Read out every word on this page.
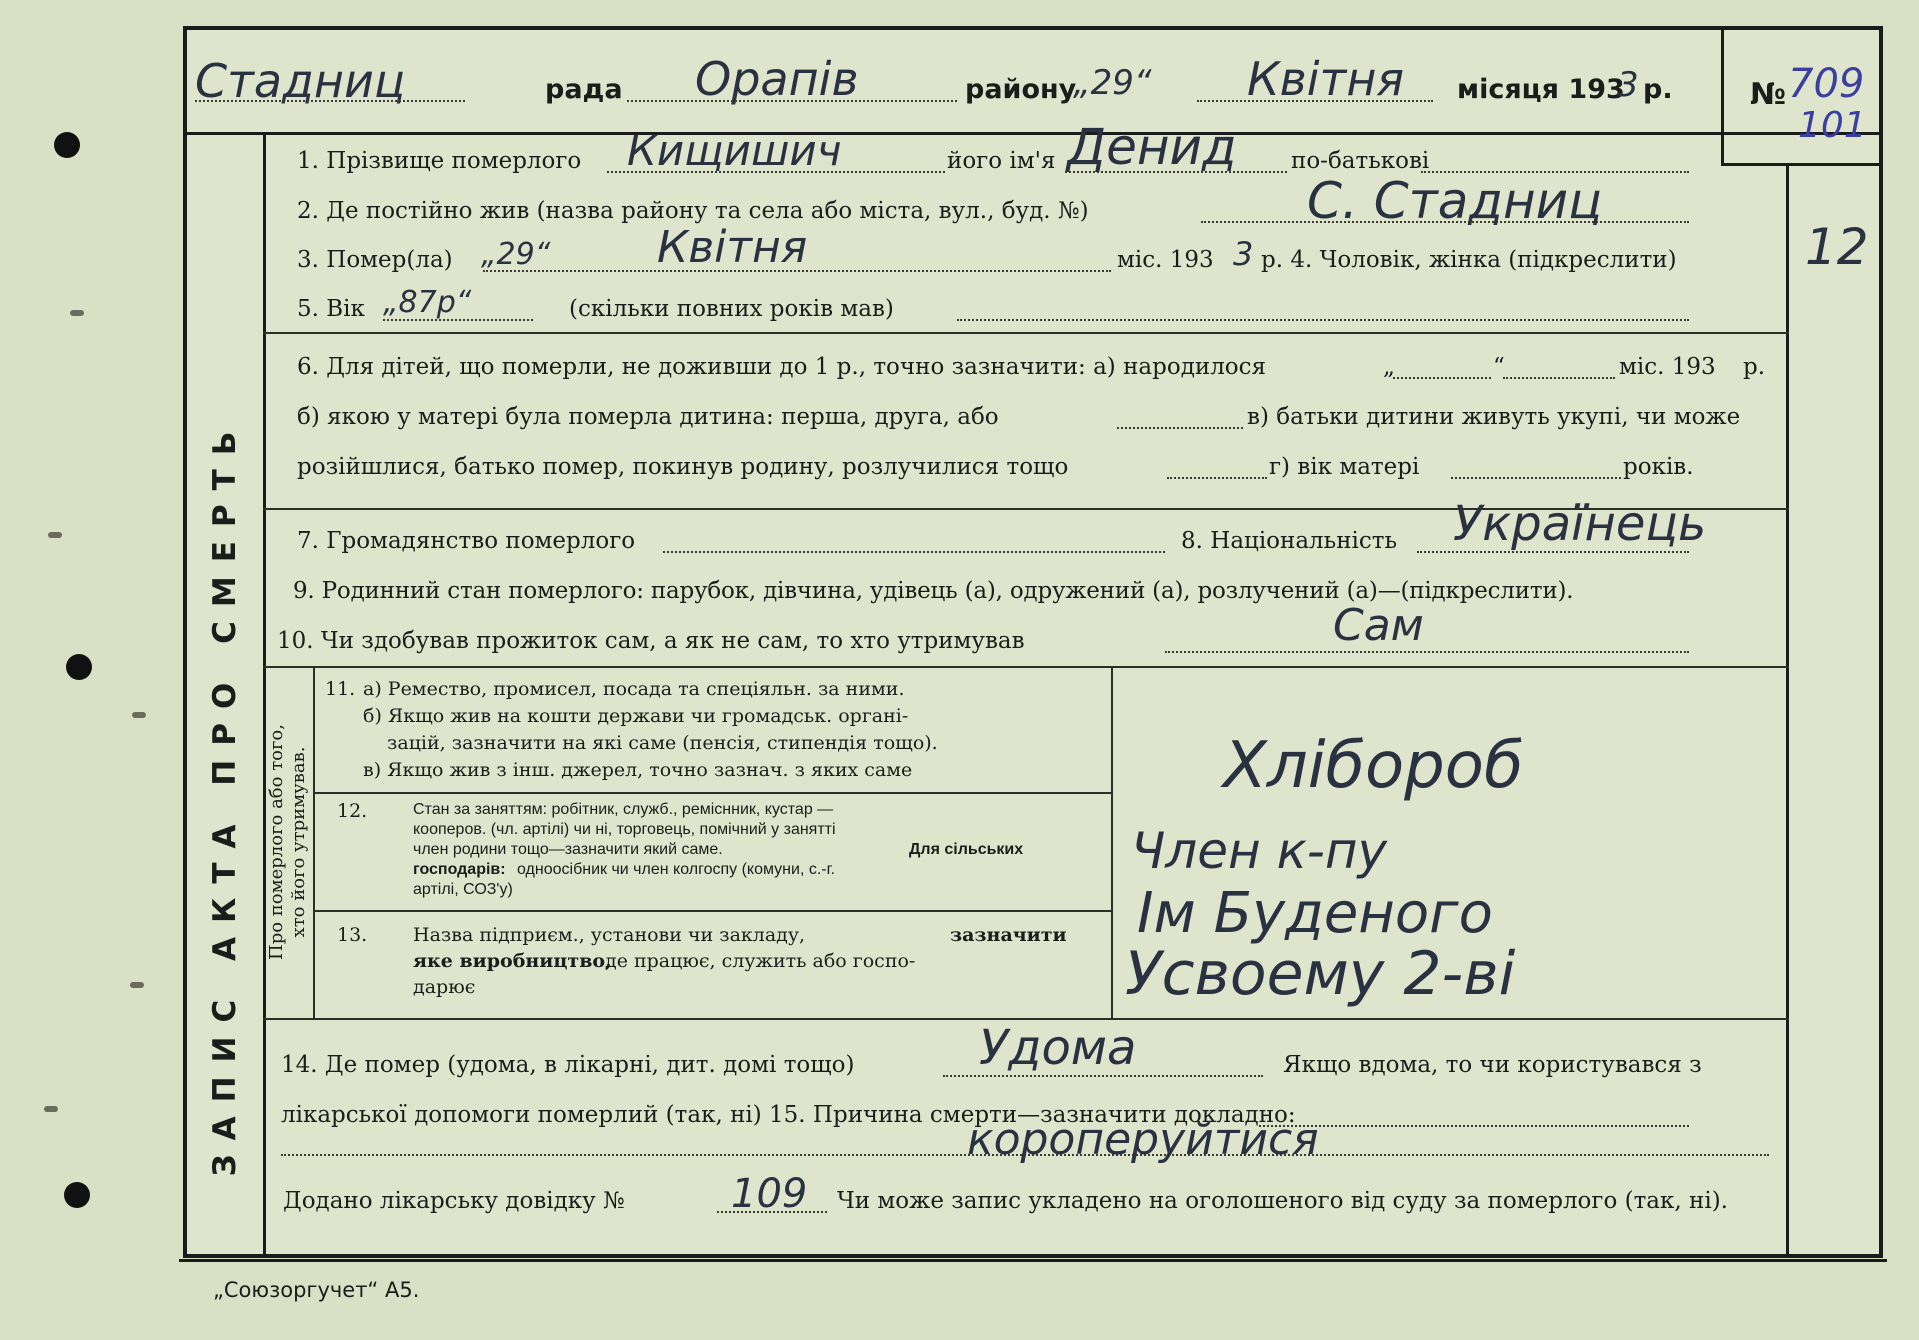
Стадниц	рада Орапів	району
„29“ Квітня місяця 193
3 р.	№ 709
101
ЗАПИС АКТА ПРО СМЕРТЬ
12
1. Прізвище померлого Кищишич	його ім'я Денид по-батькові
2. Де постійно жив (назва району та села або міста, вул., буд. №)	С. Стадниц
3. Помер(ла) „29“ Квітня	міс. 193 3 р. 4. Чоловік, жінка (підкреслити)
5. Вік „87р“	(скільки повних років мав)
6. Для дітей, що померли, не доживши до 1 р., точно зазначити: а) народилося	„	“	міс. 193 р.
б) якою у матері була померла дитина: перша, друга, або	в) батьки дитини живуть укупі, чи може
розійшлися, батько помер, покинув родину, розлучилися тощо	г) вік матері	років.
7. Громадянство померлого	8. Національність Українець
9. Родинний стан померлого: парубок, дівчина, удівець (а), одружений (а), розлучений (а)—(підкреслити).
10. Чи здобував прожиток сам, а як не сам, то хто утримував	Сам
Про померлого або того, хто його утримував.
11. а) Ремество, промисел, посада та спеціяльн. за ними.
б) Якщо жив на кошти держави чи громадськ. органі-
зацій, зазначити на які саме (пенсія, стипендія тощо).
в) Якщо жив з інш. джерел, точно зазнач. з яких саме	Хлібороб
12.	Стан за заняттям: робітник, служб., реміснник, кустар —
кооперов. (чл. артілі) чи ні, торговець, помічний у занятті
член родини тощо—зазначити який саме.	Для сільських
господарів: одноосібник чи член колгоспу (комуни, с.-г.
артілі, СОЗ'у)
Член к-пу
Ім Буденого
13. Назва підприєм., установи чи закладу,	зазначити
яке виробництво,
де працює, служить або госпо-
дарює	Усвоему 2-ві
14. Де помер (удома, в лікарні, дит. домі тощо)	Удома	Якщо вдома, то чи користувався з
лікарської допомоги померлий (так, ні) 15. Причина смерти—зазначити докладно:
короперуйтися
Додано лікарську довідку №	109 Чи може запис укладено на оголошеного від суду за померлого (так, ні).
„Союзоргучет“ А5.
